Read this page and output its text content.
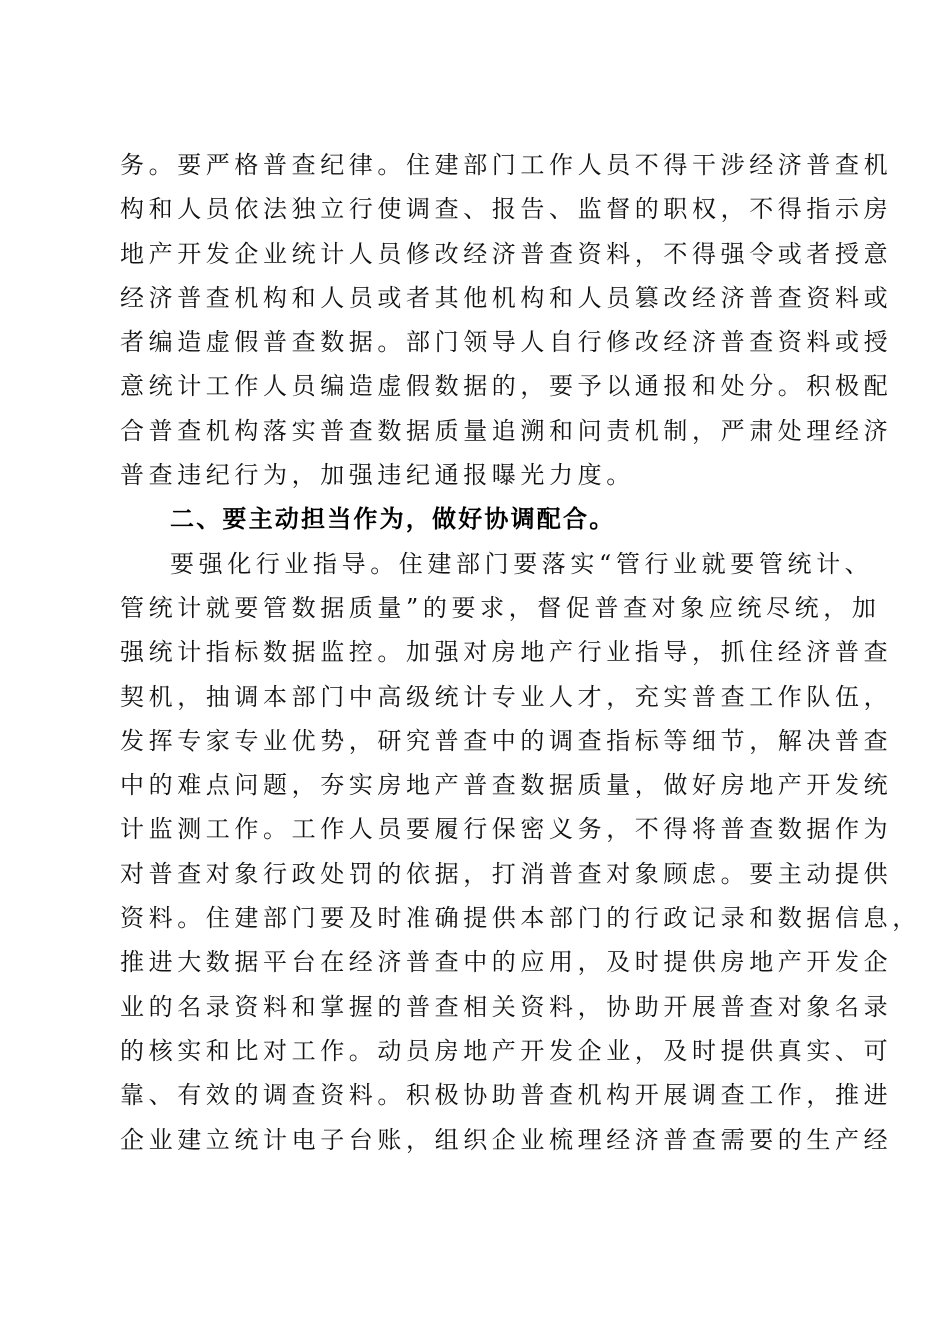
务。要严格普查纪律。住建部门工作人员不得干涉经济普查机
构和人员依法独立行使调查、报告、监督的职权，不得指示房
地产开发企业统计人员修改经济普查资料，不得强令或者授意
经济普查机构和人员或者其他机构和人员篡改经济普查资料或
者编造虚假普查数据。部门领导人自行修改经济普查资料或授
意统计工作人员编造虚假数据的，要予以通报和处分。积极配
合普查机构落实普查数据质量追溯和问责机制，严肃处理经济
普查违纪行为，加强违纪通报曝光力度。
二、要主动担当作为，做好协调配合。
要强化行业指导。住建部门要落实“管行业就要管统计、
管统计就要管数据质量”的要求，督促普查对象应统尽统，加
强统计指标数据监控。加强对房地产行业指导，抓住经济普查
契机，抽调本部门中高级统计专业人才，充实普查工作队伍，
发挥专家专业优势，研究普查中的调查指标等细节，解决普查
中的难点问题，夯实房地产普查数据质量，做好房地产开发统
计监测工作。工作人员要履行保密义务，不得将普查数据作为
对普查对象行政处罚的依据，打消普查对象顾虑。要主动提供
资料。住建部门要及时准确提供本部门的行政记录和数据信息，
推进大数据平台在经济普查中的应用，及时提供房地产开发企
业的名录资料和掌握的普查相关资料，协助开展普查对象名录
的核实和比对工作。动员房地产开发企业，及时提供真实、可
靠、有效的调查资料。积极协助普查机构开展调查工作，推进
企业建立统计电子台账，组织企业梳理经济普查需要的生产经
